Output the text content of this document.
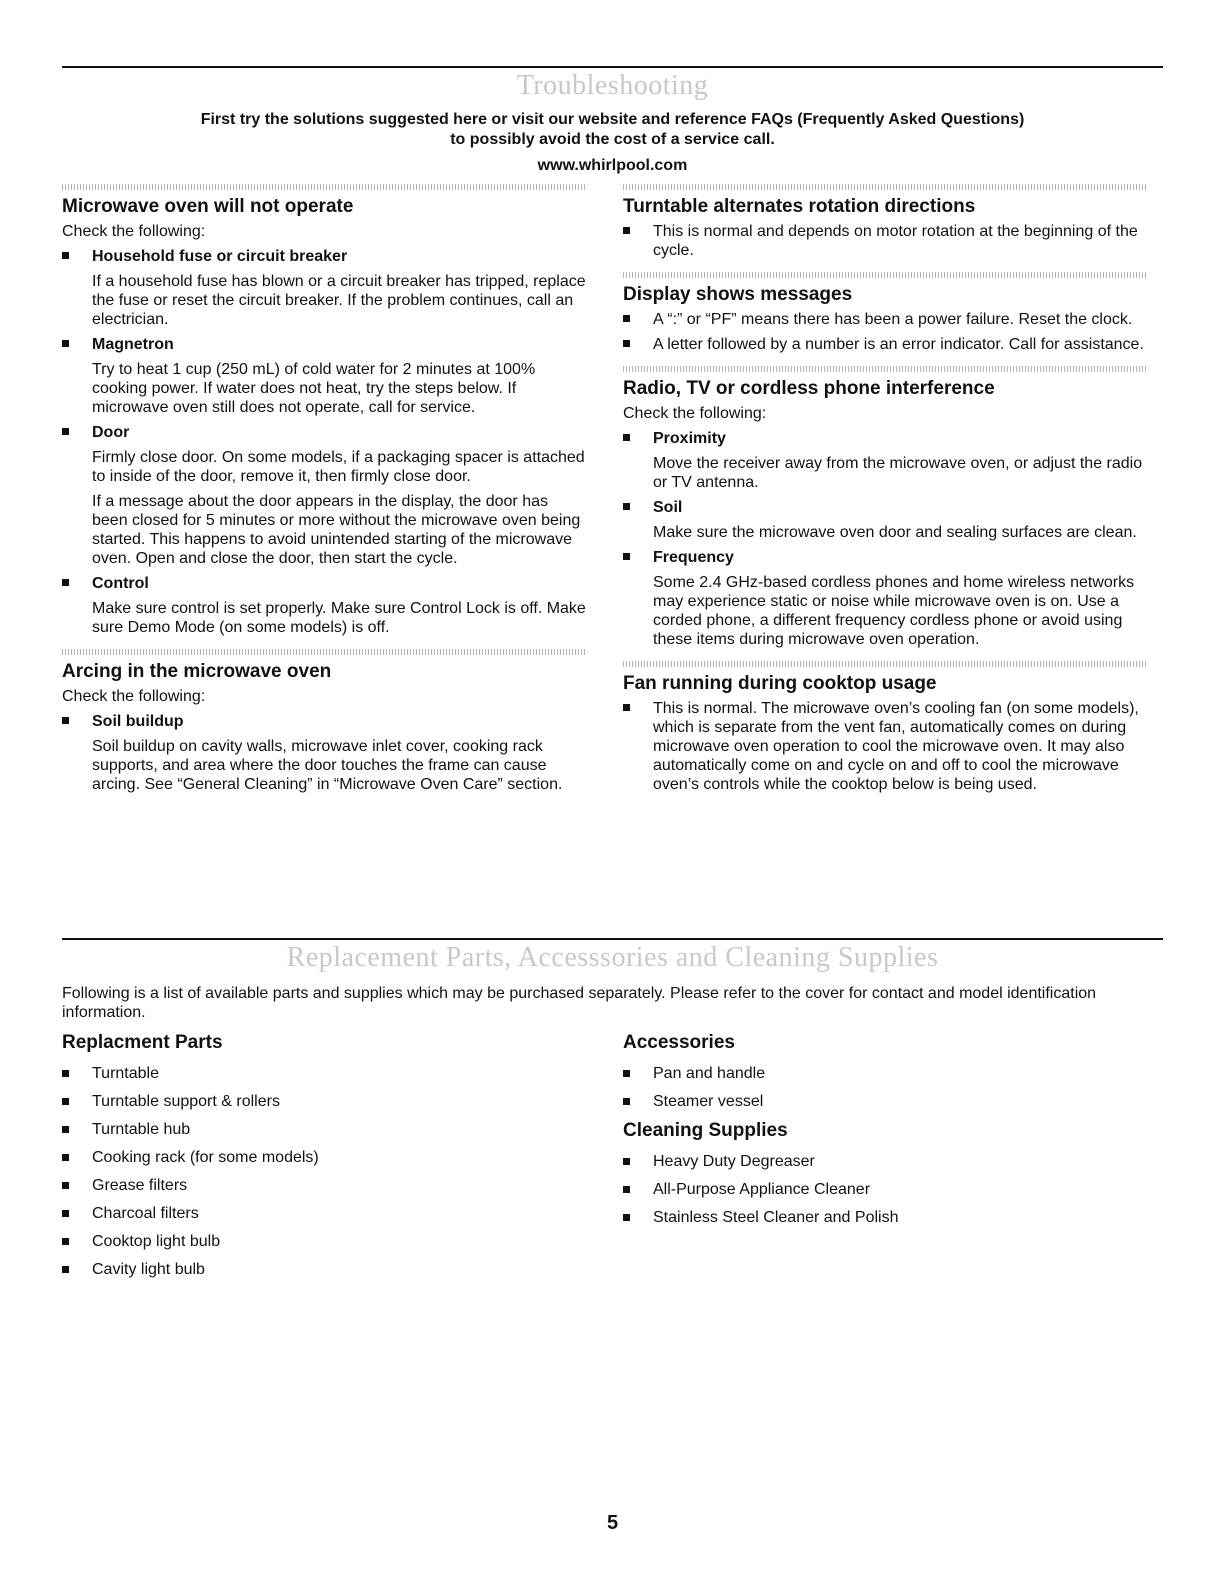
Troubleshooting
First try the solutions suggested here or visit our website and reference FAQs (Frequently Asked Questions)
to possibly avoid the cost of a service call.
www.whirlpool.com
Microwave oven will not operate
Check the following:
Household fuse or circuit breaker
If a household fuse has blown or a circuit breaker has tripped, replace the fuse or reset the circuit breaker. If the problem continues, call an electrician.
Magnetron
Try to heat 1 cup (250 mL) of cold water for 2 minutes at 100% cooking power. If water does not heat, try the steps below. If microwave oven still does not operate, call for service.
Door
Firmly close door. On some models, if a packaging spacer is attached to inside of the door, remove it, then firmly close door.
If a message about the door appears in the display, the door has been closed for 5 minutes or more without the microwave oven being started. This happens to avoid unintended starting of the microwave oven. Open and close the door, then start the cycle.
Control
Make sure control is set properly. Make sure Control Lock is off. Make sure Demo Mode (on some models) is off.
Arcing in the microwave oven
Check the following:
Soil buildup
Soil buildup on cavity walls, microwave inlet cover, cooking rack supports, and area where the door touches the frame can cause arcing. See “General Cleaning” in “Microwave Oven Care” section.
Turntable alternates rotation directions
This is normal and depends on motor rotation at the beginning of the cycle.
Display shows messages
A “:” or “PF” means there has been a power failure. Reset the clock.
A letter followed by a number is an error indicator. Call for assistance.
Radio, TV or cordless phone interference
Check the following:
Proximity
Move the receiver away from the microwave oven, or adjust the radio or TV antenna.
Soil
Make sure the microwave oven door and sealing surfaces are clean.
Frequency
Some 2.4 GHz-based cordless phones and home wireless networks may experience static or noise while microwave oven is on. Use a corded phone, a different frequency cordless phone or avoid using these items during microwave oven operation.
Fan running during cooktop usage
This is normal. The microwave oven’s cooling fan (on some models), which is separate from the vent fan, automatically comes on during microwave oven operation to cool the microwave oven. It may also automatically come on and cycle on and off to cool the microwave oven’s controls while the cooktop below is being used.
Replacement Parts, Accesssories and Cleaning Supplies
Following is a list of available parts and supplies which may be purchased separately. Please refer to the cover for contact and model identification information.
Replacment Parts
Turntable
Turntable support & rollers
Turntable hub
Cooking rack (for some models)
Grease filters
Charcoal filters
Cooktop light bulb
Cavity light bulb
Accessories
Pan and handle
Steamer vessel
Cleaning Supplies
Heavy Duty Degreaser
All-Purpose Appliance Cleaner
Stainless Steel Cleaner and Polish
5
